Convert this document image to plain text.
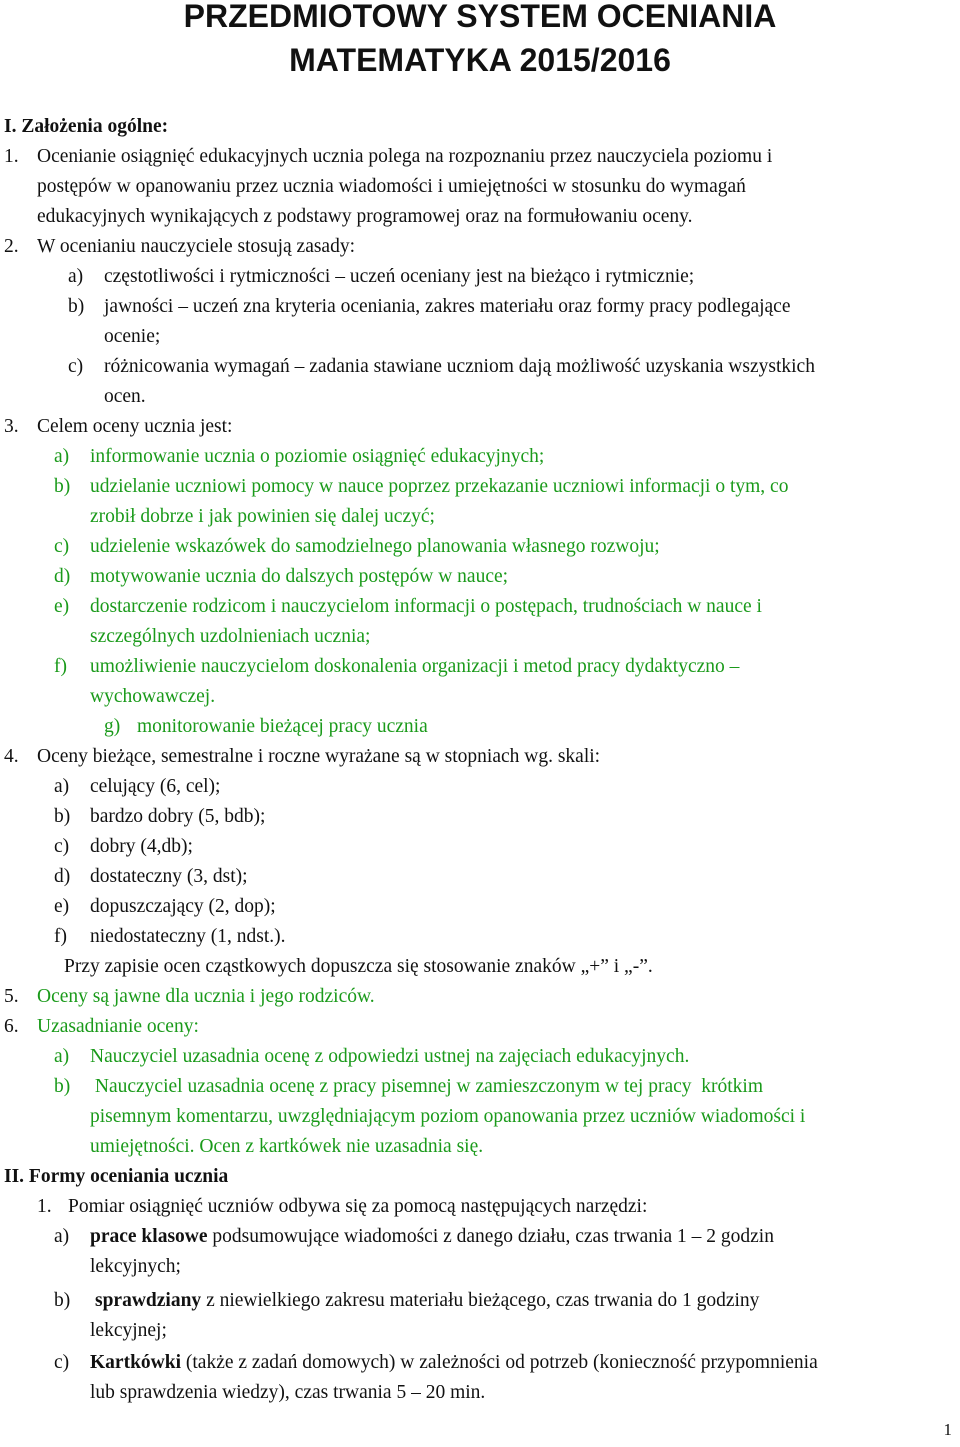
PRZEDMIOTOWY SYSTEM OCENIANIA
MATEMATYKA 2015/2016
I. Założenia ogólne:
1. Ocenianie osiągnięć edukacyjnych ucznia polega na rozpoznaniu przez nauczyciela poziomu i
postępów w opanowaniu przez ucznia wiadomości i umiejętności w stosunku do wymagań
edukacyjnych wynikających z podstawy programowej oraz na formułowaniu oceny.
2. W ocenianiu nauczyciele stosują zasady:
a) częstotliwości i rytmiczności – uczeń oceniany jest na bieżąco i rytmicznie;
b) jawności – uczeń zna kryteria oceniania, zakres materiału oraz formy pracy podlegające
ocenie;
c) różnicowania wymagań – zadania stawiane uczniom dają możliwość uzyskania wszystkich
ocen.
3. Celem oceny ucznia jest:
a) informowanie ucznia o poziomie osiągnięć edukacyjnych;
b) udzielanie uczniowi pomocy w nauce poprzez przekazanie uczniowi informacji o tym, co
zrobił dobrze i jak powinien się dalej uczyć;
c) udzielenie wskazówek do samodzielnego planowania własnego rozwoju;
d) motywowanie ucznia do dalszych postępów w nauce;
e) dostarczenie rodzicom i nauczycielom informacji o postępach, trudnościach w nauce i
szczególnych uzdolnieniach ucznia;
f) umożliwienie nauczycielom doskonalenia organizacji i metod pracy dydaktyczno –
wychowawczej.
g) monitorowanie bieżącej pracy ucznia
4. Oceny bieżące, semestralne i roczne wyrażane są w stopniach wg. skali:
a) celujący (6, cel);
b) bardzo dobry (5, bdb);
c) dobry (4,db);
d) dostateczny (3, dst);
e) dopuszczający (2, dop);
f) niedostateczny (1, ndst.).
Przy zapisie ocen cząstkowych dopuszcza się stosowanie znaków „+” i „-”.
5. Oceny są jawne dla ucznia i jego rodziców.
6. Uzasadnianie oceny:
a) Nauczyciel uzasadnia ocenę z odpowiedzi ustnej na zajęciach edukacyjnych.
b) Nauczyciel uzasadnia ocenę z pracy pisemnej w zamieszczonym w tej pracy  krótkim
pisemnym komentarzu, uwzględniającym poziom opanowania przez uczniów wiadomości i
umiejętności. Ocen z kartkówek nie uzasadnia się.
II. Formy oceniania ucznia
1. Pomiar osiągnięć uczniów odbywa się za pomocą następujących narzędzi:
a) prace klasowe podsumowujące wiadomości z danego działu, czas trwania 1 – 2 godzin
lekcyjnych;
b) sprawdziany z niewielkiego zakresu materiału bieżącego, czas trwania do 1 godziny
lekcyjnej;
c) Kartkówki (także z zadań domowych) w zależności od potrzeb (konieczność przypomnienia
lub sprawdzenia wiedzy), czas trwania 5 – 20 min.
1
